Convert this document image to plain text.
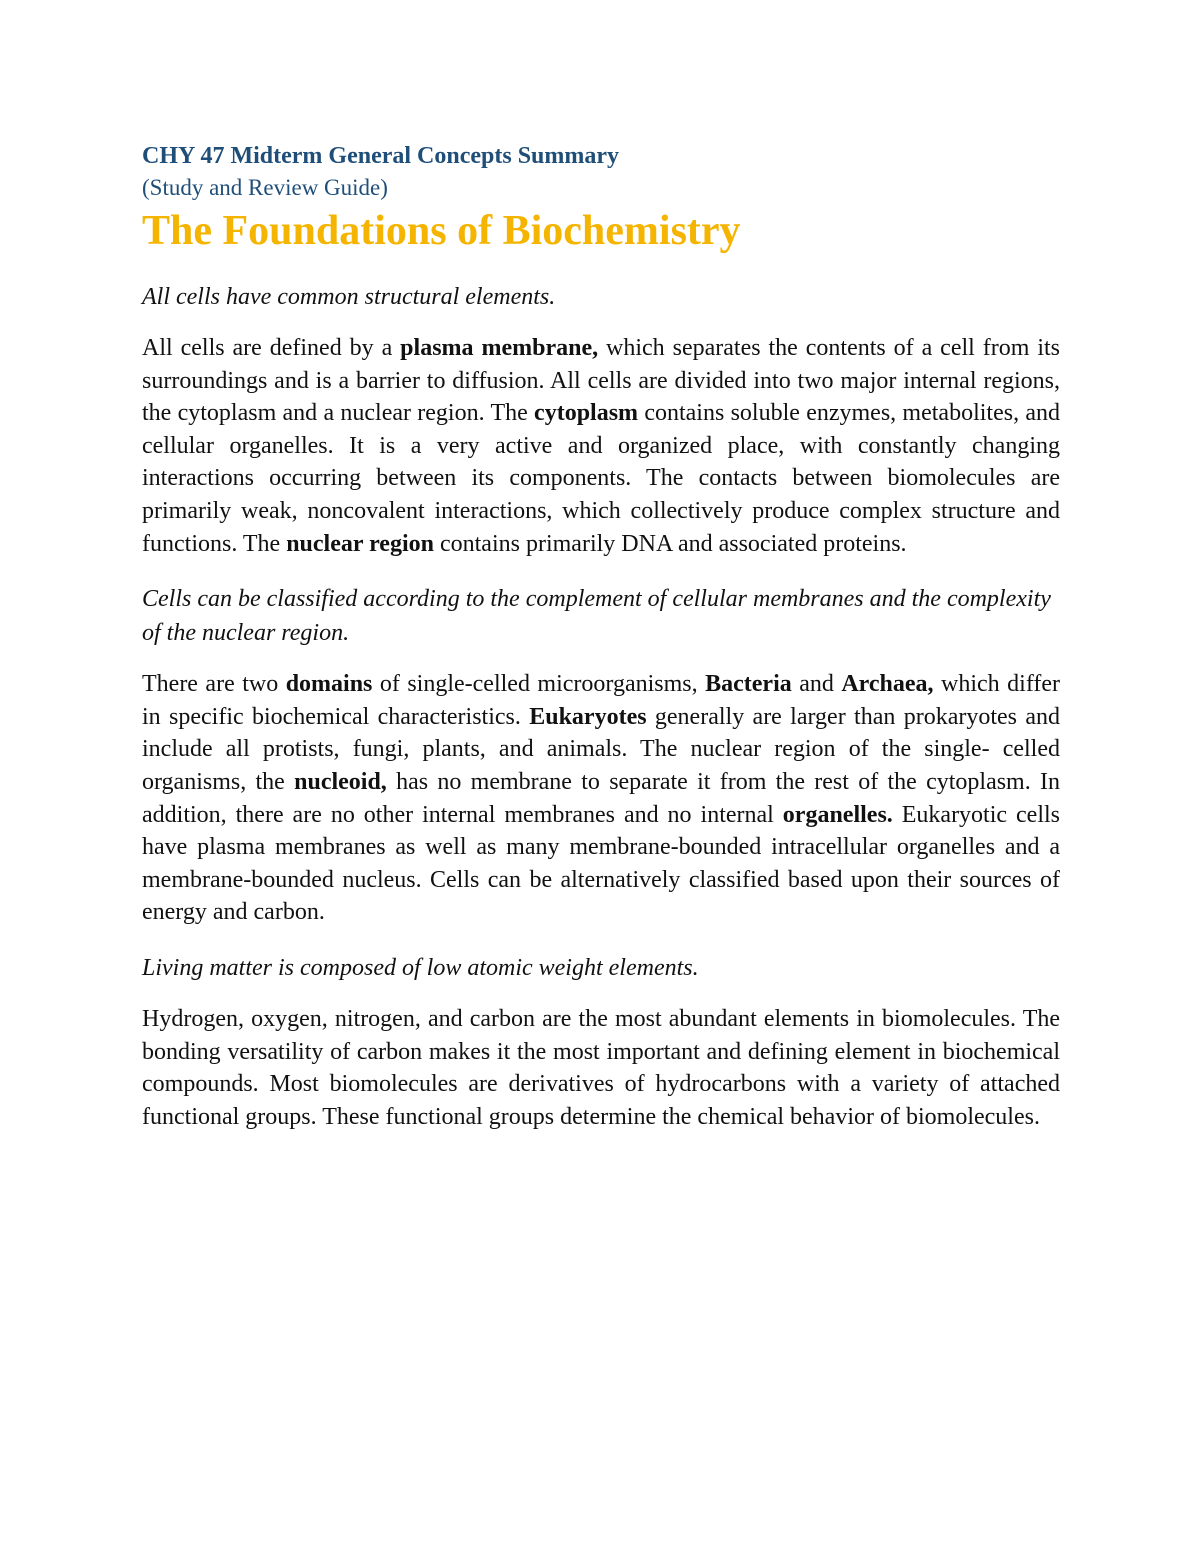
CHY 47 Midterm General Concepts Summary
(Study and Review Guide)
The Foundations of Biochemistry
All cells have common structural elements.

All cells are defined by a plasma membrane, which separates the contents of a cell from its surroundings and is a barrier to diffusion. All cells are divided into two major internal regions, the cytoplasm and a nuclear region. The cytoplasm contains soluble enzymes, metabolites, and cellular organelles. It is a very active and organized place, with constantly changing interactions occurring between its components. The contacts between biomolecules are primarily weak, noncovalent interactions, which collectively produce complex structure and functions. The nuclear region contains primarily DNA and associated proteins.

Cells can be classified according to the complement of cellular membranes and the complexity of the nuclear region.

There are two domains of single-celled microorganisms, Bacteria and Archaea, which differ in specific biochemical characteristics. Eukaryotes generally are larger than prokaryotes and include all protists, fungi, plants, and animals. The nuclear region of the single- celled organisms, the nucleoid, has no membrane to separate it from the rest of the cytoplasm. In addition, there are no other internal membranes and no internal organelles. Eukaryotic cells have plasma membranes as well as many membrane-bounded intracellular organelles and a membrane-bounded nucleus. Cells can be alternatively classified based upon their sources of energy and carbon.

Living matter is composed of low atomic weight elements.

Hydrogen, oxygen, nitrogen, and carbon are the most abundant elements in biomolecules. The bonding versatility of carbon makes it the most important and defining element in biochemical compounds. Most biomolecules are derivatives of hydrocarbons with a variety of attached functional groups. These functional groups determine the chemical behavior of biomolecules.
